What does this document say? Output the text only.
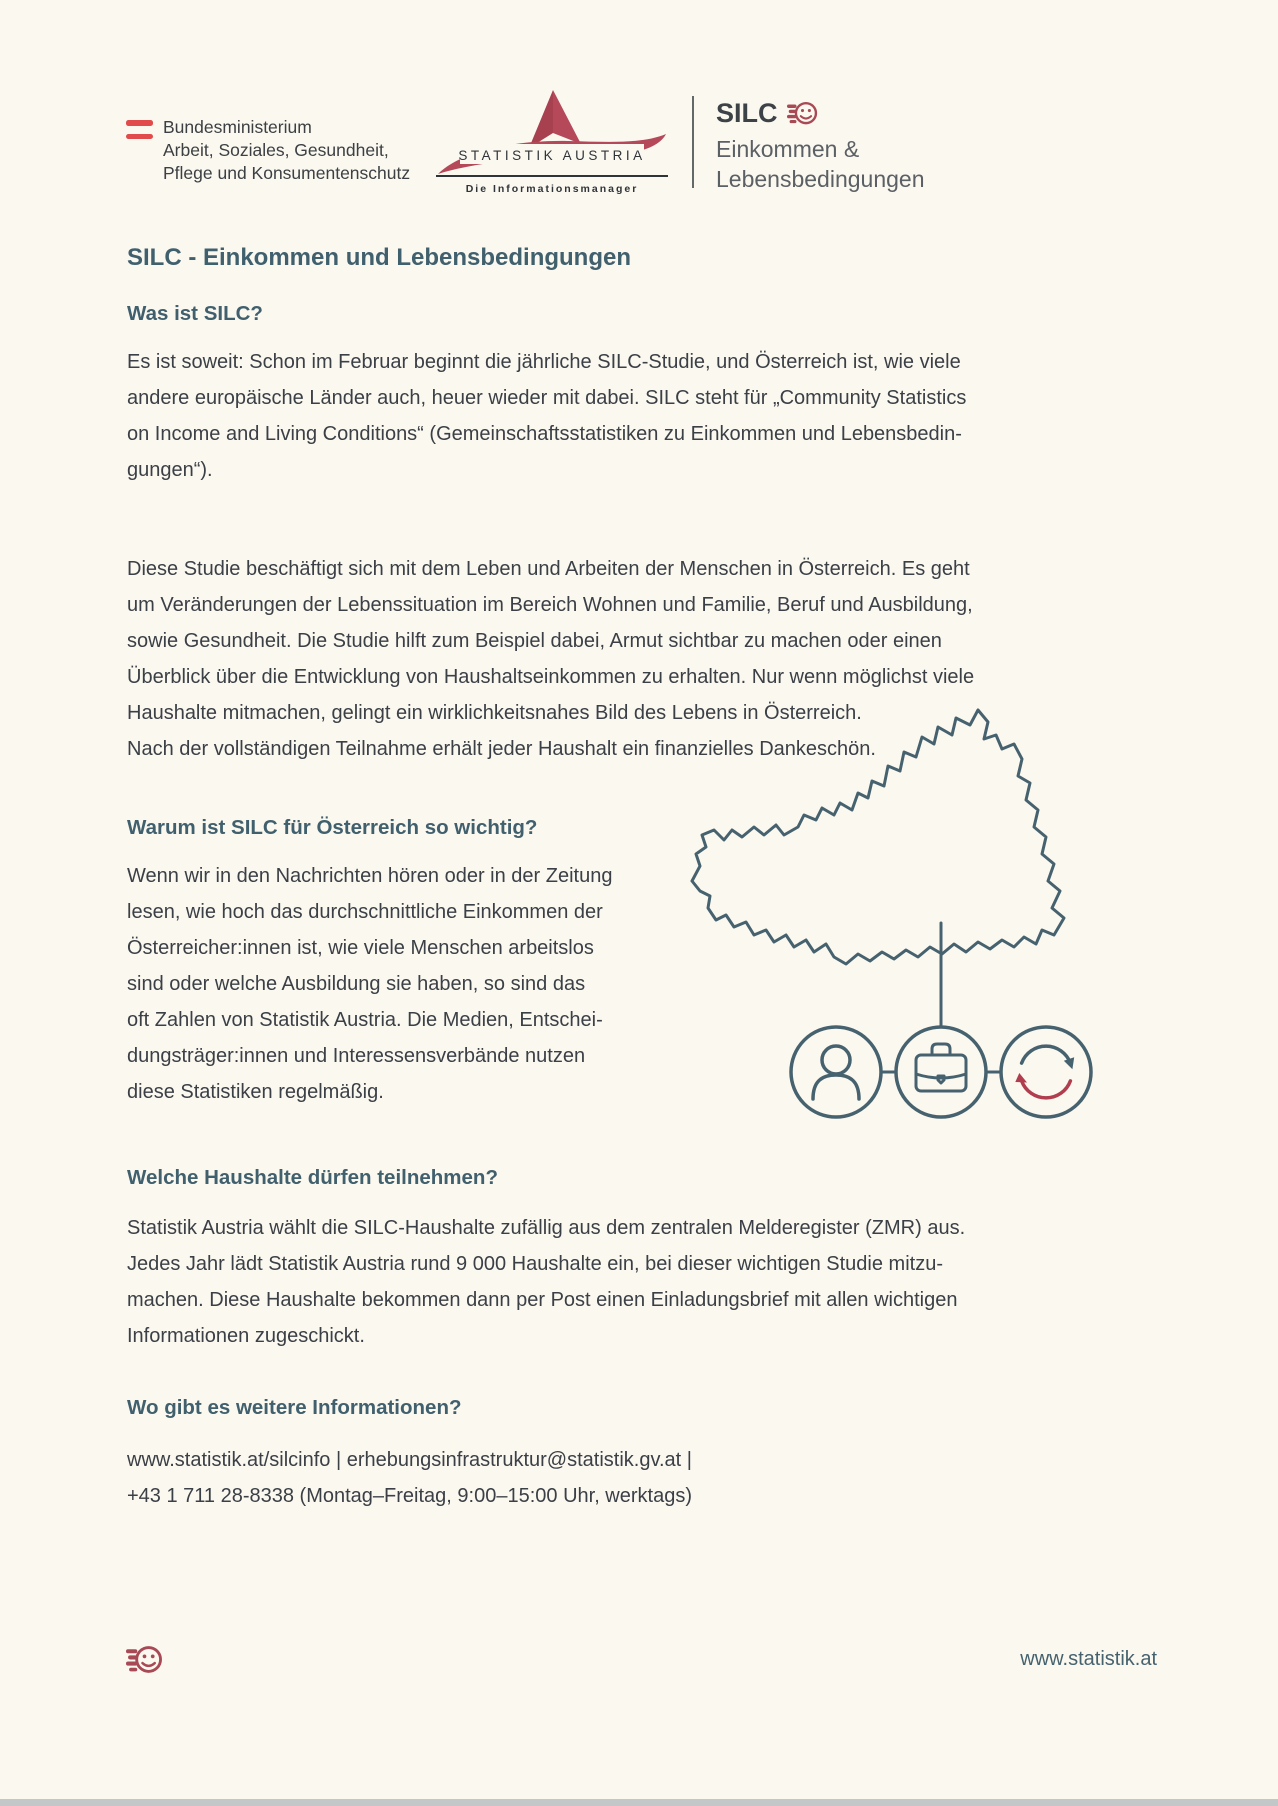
Bundesministerium
Arbeit, Soziales, Gesundheit,
Pflege und Konsumentenschutz
STATISTIK AUSTRIA
Die Informationsmanager
SILC
Einkommen &
Lebensbedingungen
SILC - Einkommen und Lebensbedingungen
Was ist SILC?
Es ist soweit: Schon im Februar beginnt die jährliche SILC-Studie, und Österreich ist, wie viele
andere europäische Länder auch, heuer wieder mit dabei. SILC steht für „Community Statistics
on Income and Living Conditions“ (Gemeinschaftsstatistiken zu Einkommen und Lebensbedin-
gungen“).
Diese Studie beschäftigt sich mit dem Leben und Arbeiten der Menschen in Österreich. Es geht
um Veränderungen der Lebenssituation im Bereich Wohnen und Familie, Beruf und Ausbildung,
sowie Gesundheit. Die Studie hilft zum Beispiel dabei, Armut sichtbar zu machen oder einen
Überblick über die Entwicklung von Haushaltseinkommen zu erhalten. Nur wenn möglichst viele
Haushalte mitmachen, gelingt ein wirklichkeitsnahes Bild des Lebens in Österreich.
Nach der vollständigen Teilnahme erhält jeder Haushalt ein finanzielles Dankeschön.
Warum ist SILC für Österreich so wichtig?
Wenn wir in den Nachrichten hören oder in der Zeitung
lesen, wie hoch das durchschnittliche Einkommen der
Österreicher:innen ist, wie viele Menschen arbeitslos
sind oder welche Ausbildung sie haben, so sind das
oft Zahlen von Statistik Austria. Die Medien, Entschei-
dungsträger:innen und Interessensverbände nutzen
diese Statistiken regelmäßig.
Welche Haushalte dürfen teilnehmen?
Statistik Austria wählt die SILC-Haushalte zufällig aus dem zentralen Melderegister (ZMR) aus.
Jedes Jahr lädt Statistik Austria rund 9 000 Haushalte ein, bei dieser wichtigen Studie mitzu-
machen. Diese Haushalte bekommen dann per Post einen Einladungsbrief mit allen wichtigen
Informationen zugeschickt.
Wo gibt es weitere Informationen?
www.statistik.at/silcinfo | erhebungsinfrastruktur@statistik.gv.at |
+43 1 711 28-8338 (Montag–Freitag, 9:00–15:00 Uhr, werktags)
www.statistik.at
